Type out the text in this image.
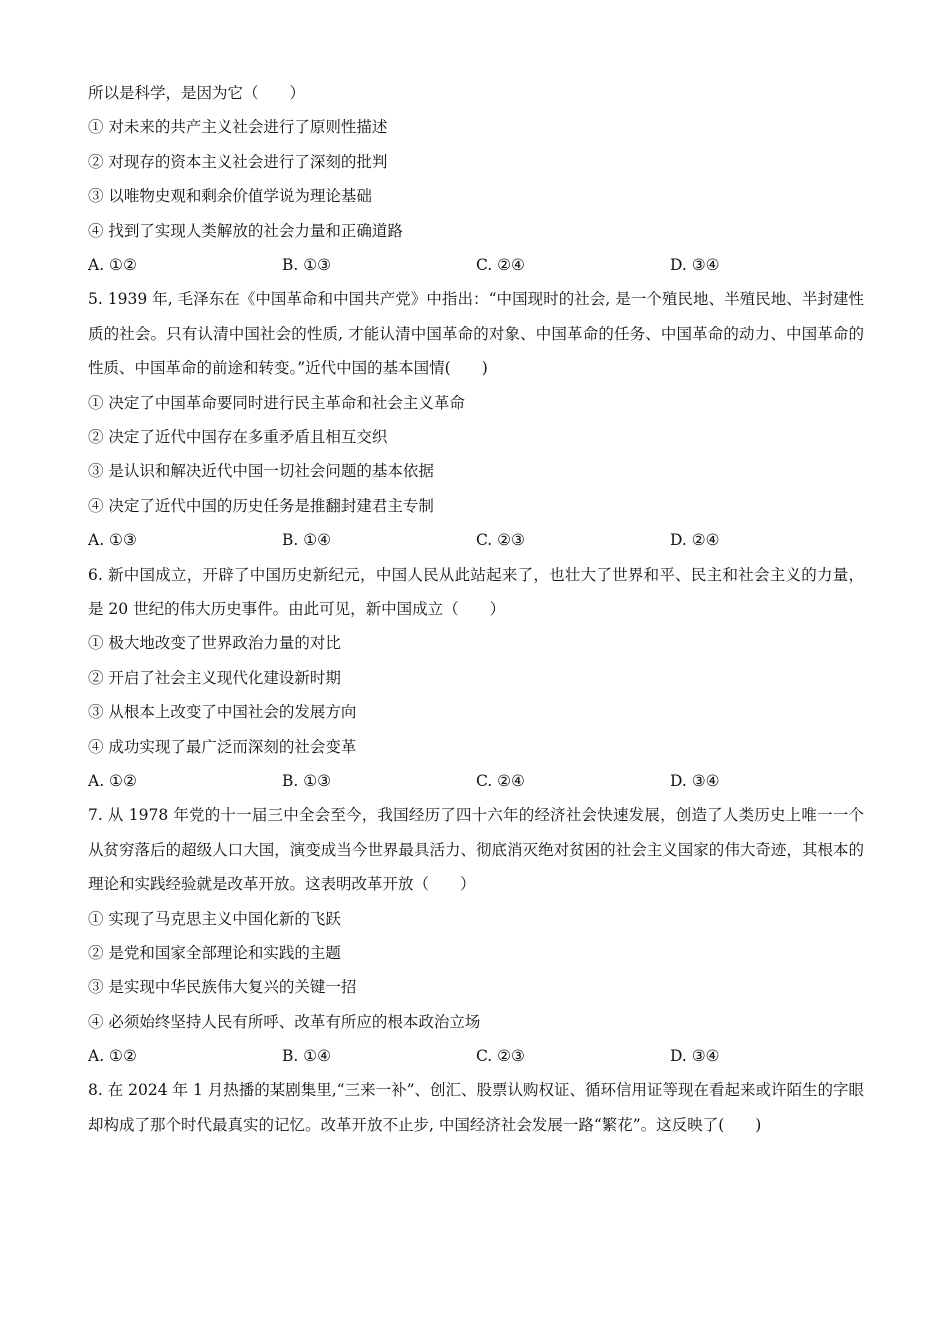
所以是科学，是因为它（　　）
① 对未来的共产主义社会进行了原则性描述
② 对现存的资本主义社会进行了深刻的批判
③ 以唯物史观和剩余价值学说为理论基础
④ 找到了实现人类解放的社会力量和正确道路
A. ①②	B. ①③	C. ②④	D. ③④
5. 1939 年, 毛泽东在《中国革命和中国共产党》中指出：“中国现时的社会, 是一个殖民地、半殖民地、半封建性质的社会。只有认清中国社会的性质, 才能认清中国革命的对象、中国革命的任务、中国革命的动力、中国革命的性质、中国革命的前途和转变。”近代中国的基本国情(　　)
① 决定了中国革命要同时进行民主革命和社会主义革命
② 决定了近代中国存在多重矛盾且相互交织
③ 是认识和解决近代中国一切社会问题的基本依据
④ 决定了近代中国的历史任务是推翻封建君主专制
A. ①③	B. ①④	C. ②③	D. ②④
6. 新中国成立，开辟了中国历史新纪元，中国人民从此站起来了，也壮大了世界和平、民主和社会主义的力量，是 20 世纪的伟大历史事件。由此可见，新中国成立（　　）
① 极大地改变了世界政治力量的对比
② 开启了社会主义现代化建设新时期
③ 从根本上改变了中国社会的发展方向
④ 成功实现了最广泛而深刻的社会变革
A. ①②	B. ①③	C. ②④	D. ③④
7. 从 1978 年党的十一届三中全会至今，我国经历了四十六年的经济社会快速发展，创造了人类历史上唯一一个从贫穷落后的超级人口大国，演变成当今世界最具活力、彻底消灭绝对贫困的社会主义国家的伟大奇迹，其根本的理论和实践经验就是改革开放。这表明改革开放（　　）
① 实现了马克思主义中国化新的飞跃
② 是党和国家全部理论和实践的主题
③ 是实现中华民族伟大复兴的关键一招
④ 必须始终坚持人民有所呼、改革有所应的根本政治立场
A. ①②	B. ①④	C. ②③	D. ③④
8. 在 2024 年 1 月热播的某剧集里,“三来一补”、创汇、股票认购权证、循环信用证等现在看起来或许陌生的字眼却构成了那个时代最真实的记忆。改革开放不止步, 中国经济社会发展一路“繁花”。这反映了(　　)
